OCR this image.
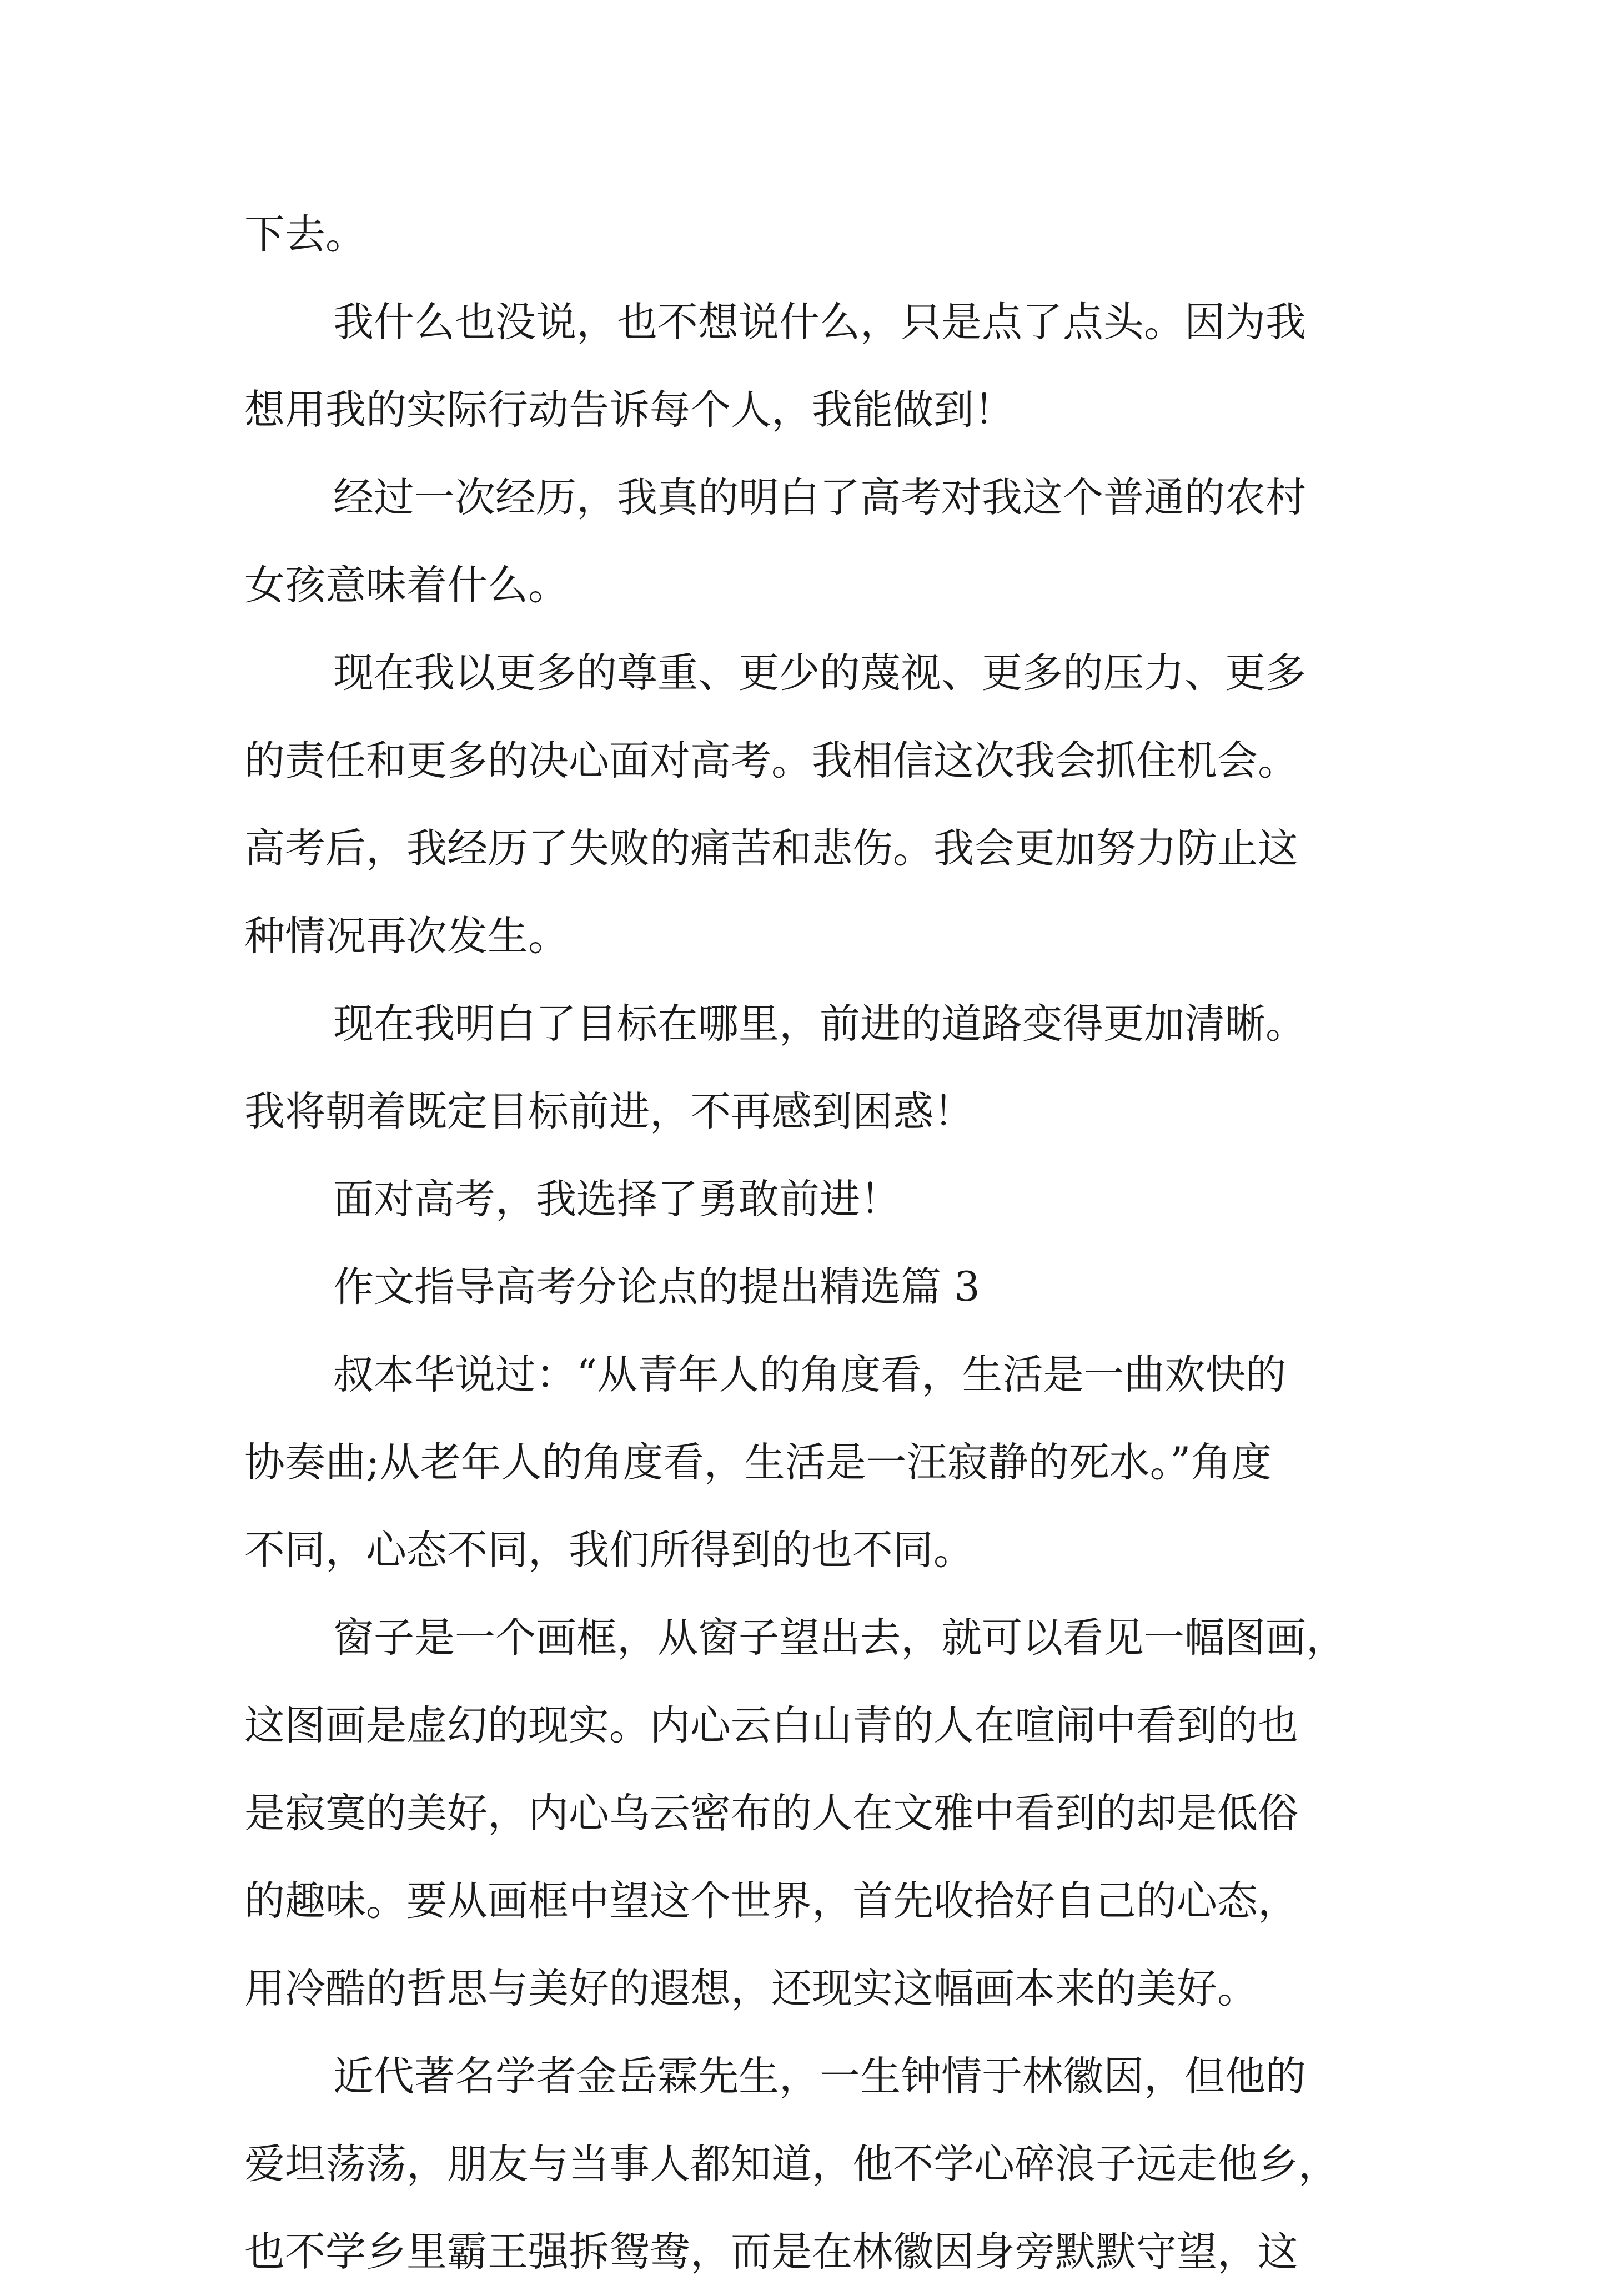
下去。
我什么也没说，也不想说什么，只是点了点头。因为我
想用我的实际行动告诉每个人，我能做到！
经过一次经历，我真的明白了高考对我这个普通的农村
女孩意味着什么。
现在我以更多的尊重、更少的蔑视、更多的压力、更多
的责任和更多的决心面对高考。我相信这次我会抓住机会。
高考后，我经历了失败的痛苦和悲伤。我会更加努力防止这
种情况再次发生。
现在我明白了目标在哪里，前进的道路变得更加清晰。
我将朝着既定目标前进，不再感到困惑！
面对高考，我选择了勇敢前进！
作文指导高考分论点的提出精选篇 3
叔本华说过：“从青年人的角度看，生活是一曲欢快的
协奏曲;从老年人的角度看，生活是一汪寂静的死水。”角度
不同，心态不同，我们所得到的也不同。
窗子是一个画框，从窗子望出去，就可以看见一幅图画，
这图画是虚幻的现实。内心云白山青的人在喧闹中看到的也
是寂寞的美好，内心乌云密布的人在文雅中看到的却是低俗
的趣味。要从画框中望这个世界，首先收拾好自己的心态，
用冷酷的哲思与美好的遐想，还现实这幅画本来的美好。
近代著名学者金岳霖先生，一生钟情于林徽因，但他的
爱坦荡荡，朋友与当事人都知道，他不学心碎浪子远走他乡，
也不学乡里霸王强拆鸳鸯，而是在林徽因身旁默默守望，这
